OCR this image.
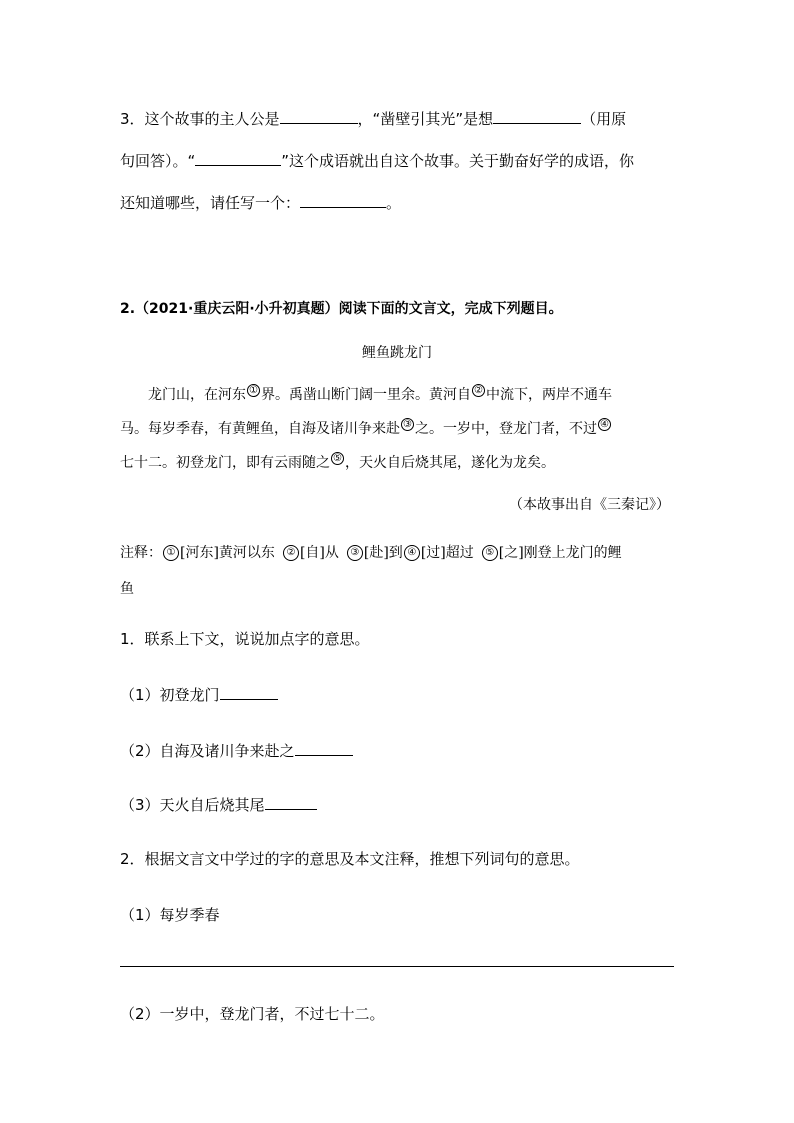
3．这个故事的主人公是	，“凿壁引其光”是想	（用原
句回答）。“	”这个成语就出自这个故事。关于勤奋好学的成语，你
还知道哪些，请任写一个：	。
2.（2021·重庆云阳·小升初真题）阅读下面的文言文，完成下列题目。
鲤鱼跳龙门
龙门山，在河东 ① 界。禹凿山断门阔一里余。黄河自 ② 中流下，两岸不通车
马。每岁季春，有黄鲤鱼，自海及诸川争来赴 ③ 之。一岁中，登龙门者，不过 ④
七十二。初登龙门，即有云雨随之 ⑤ ，天火自后烧其尾，遂化为龙矣。
（本故事出自《三秦记》）
注释： ① [河东]黄河以东  ② [自]从  ③ [赴]到 ④ [过]超过  ⑤ [之]刚登上龙门的鲤
鱼
1．联系上下文，说说加点字的意思。
（1）初登龙门
（2）自海及诸川争来赴之
（3）天火自后烧其尾
2．根据文言文中学过的字的意思及本文注释，推想下列词句的意思。
（1）每岁季春
（2）一岁中，登龙门者，不过七十二。
